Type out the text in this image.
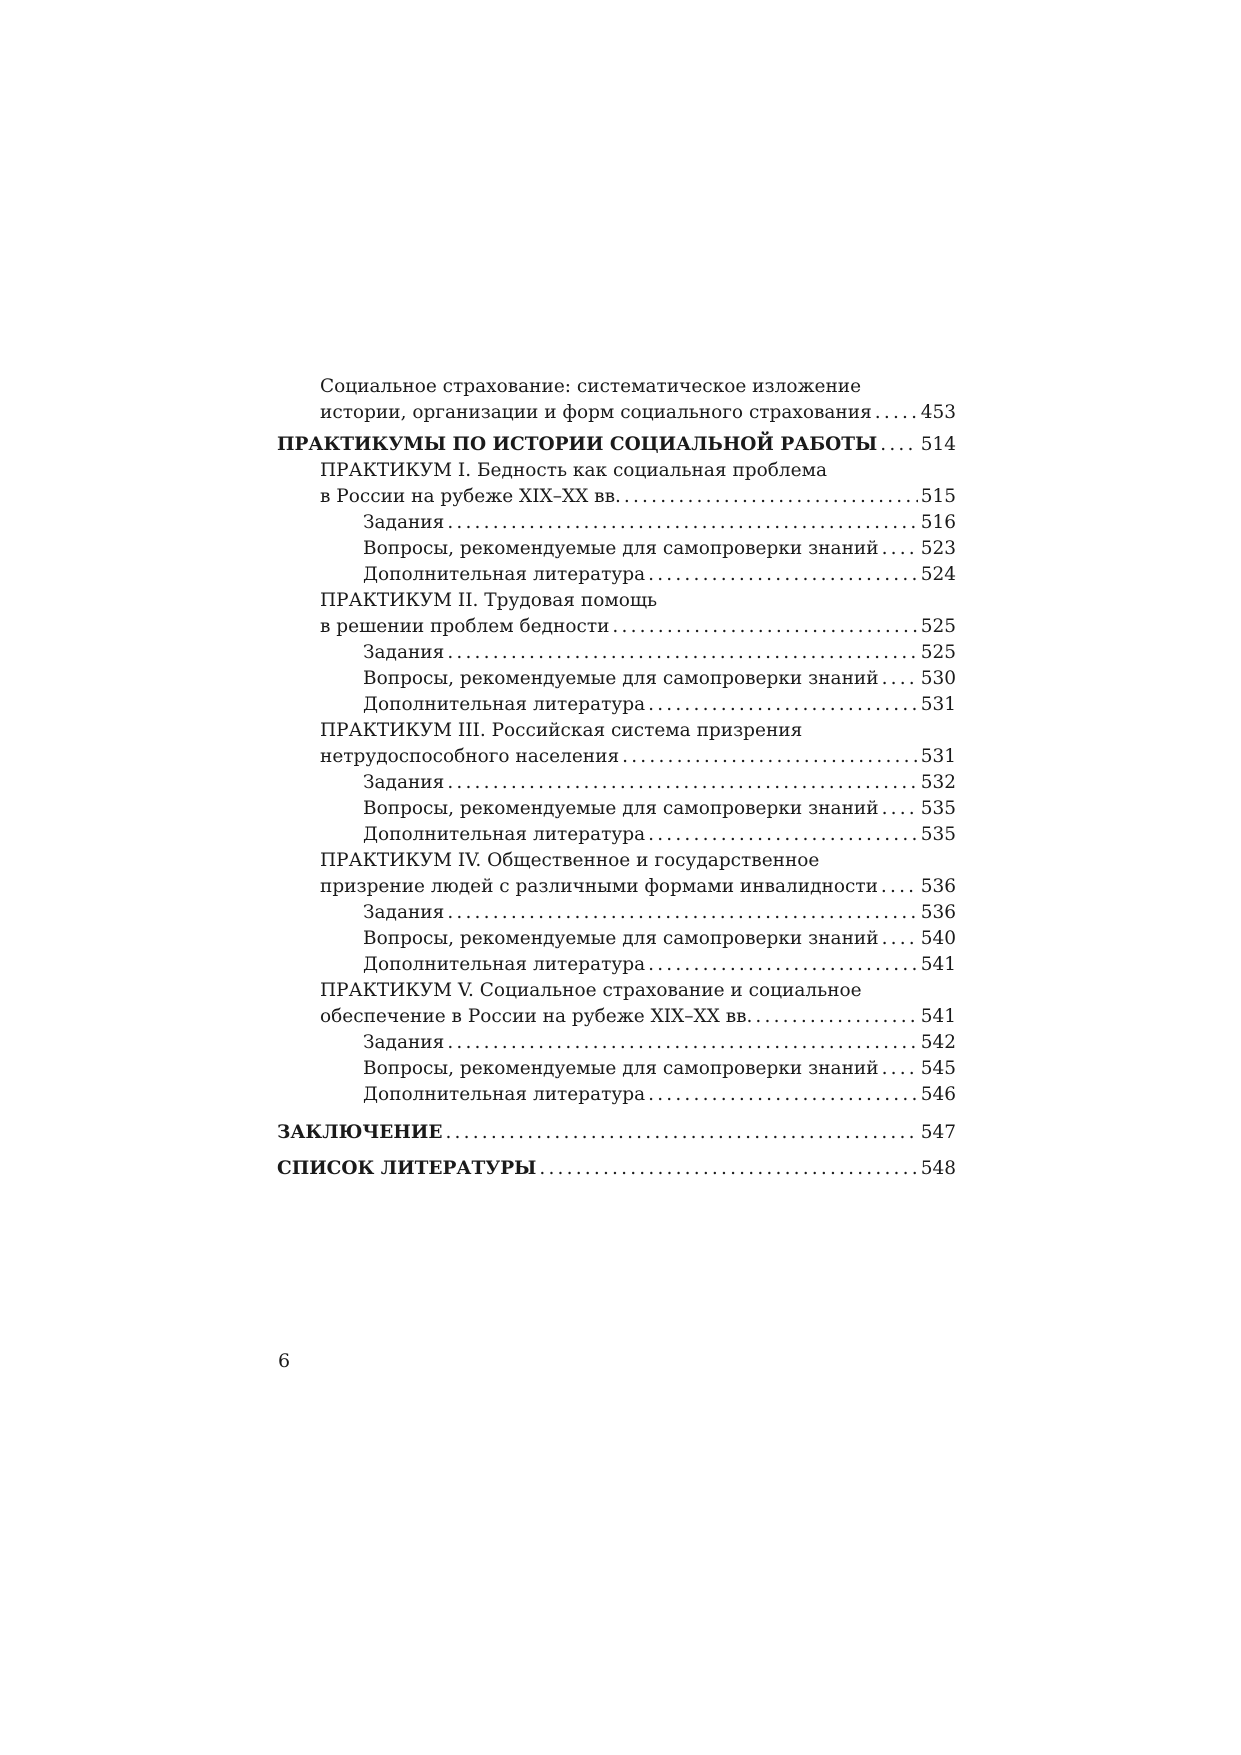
Социальное страхование: систематическое изложение
истории, организации и форм социального страхования .....	453
ПРАКТИКУМЫ ПО ИСТОРИИ СОЦИАЛЬНОЙ РАБОТЫ ..... 514
ПРАКТИКУМ I. Бедность как социальная проблема
в России на рубеже XIX–XX вв. .....	515
Задания .....	516
Вопросы, рекомендуемые для самопроверки знаний ..... 523
Дополнительная литература .....	524
ПРАКТИКУМ II. Трудовая помощь
в решении проблем бедности .....	525
Задания .....	525
Вопросы, рекомендуемые для самопроверки знаний ..... 530
Дополнительная литература .....	531
ПРАКТИКУМ III. Российская система призрения
нетрудоспособного населения .....	531
Задания .....	532
Вопросы, рекомендуемые для самопроверки знаний ..... 535
Дополнительная литература .....	535
ПРАКТИКУМ IV. Общественное и государственное
призрение людей с различными формами инвалидности ..... 536
Задания .....	536
Вопросы, рекомендуемые для самопроверки знаний ..... 540
Дополнительная литература .....	541
ПРАКТИКУМ V. Социальное страхование и социальное
обеспечение в России на рубеже XIX–XX вв. .....	541
Задания .....	542
Вопросы, рекомендуемые для самопроверки знаний ..... 545
Дополнительная литература .....	546
ЗАКЛЮЧЕНИЕ .....	547
СПИСОК ЛИТЕРАТУРЫ .....	548
6
